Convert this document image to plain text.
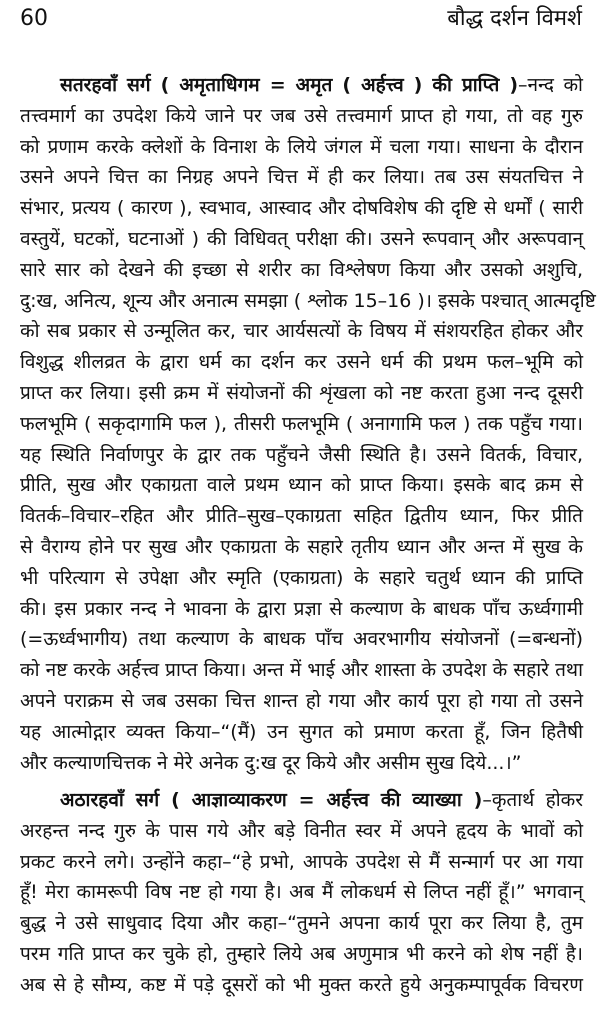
60	बौद्ध दर्शन विमर्श
सतरहवाँ सर्ग ( अमृताधिगम = अमृत ( अर्हत्त्व ) की प्राप्ति )–नन्द को
तत्त्वमार्ग का उपदेश किये जाने पर जब उसे तत्त्वमार्ग प्राप्त हो गया, तो वह गुरु
को प्रणाम करके क्लेशों के विनाश के लिये जंगल में चला गया। साधना के दौरान
उसने अपने चित्त का निग्रह अपने चित्त में ही कर लिया। तब उस संयतचित्त ने
संभार, प्रत्यय ( कारण ), स्वभाव, आस्वाद और दोषविशेष की दृष्टि से धर्मों ( सारी
वस्तुयें, घटकों, घटनाओं ) की विधिवत् परीक्षा की। उसने रूपवान् और अरूपवान्
सारे सार को देखने की इच्छा से शरीर का विश्लेषण किया और उसको अशुचि,
दु:ख, अनित्य, शून्य और अनात्म समझा ( श्लोक 15–16 )। इसके पश्चात् आत्मदृष्टि
को सब प्रकार से उन्मूलित कर, चार आर्यसत्यों के विषय में संशयरहित होकर और
विशुद्ध शीलव्रत के द्वारा धर्म का दर्शन कर उसने धर्म की प्रथम फल–भूमि को
प्राप्त कर लिया। इसी क्रम में संयोजनों की शृंखला को नष्ट करता हुआ नन्द दूसरी
फलभूमि ( सकृदागामि फल ), तीसरी फलभूमि ( अनागामि फल ) तक पहुँच गया।
यह स्थिति निर्वाणपुर के द्वार तक पहुँचने जैसी स्थिति है। उसने वितर्क, विचार,
प्रीति, सुख और एकाग्रता वाले प्रथम ध्यान को प्राप्त किया। इसके बाद क्रम से
वितर्क–विचार–रहित और प्रीति–सुख–एकाग्रता सहित द्वितीय ध्यान, फिर प्रीति
से वैराग्य होने पर सुख और एकाग्रता के सहारे तृतीय ध्यान और अन्त में सुख के
भी परित्याग से उपेक्षा और स्मृति (एकाग्रता) के सहारे चतुर्थ ध्यान की प्राप्ति
की। इस प्रकार नन्द ने भावना के द्वारा प्रज्ञा से कल्याण के बाधक पाँच ऊर्ध्वगामी
(=ऊर्ध्वभागीय) तथा कल्याण के बाधक पाँच अवरभागीय संयोजनों (=बन्धनों)
को नष्ट करके अर्हत्त्व प्राप्त किया। अन्त में भाई और शास्ता के उपदेश के सहारे तथा
अपने पराक्रम से जब उसका चित्त शान्त हो गया और कार्य पूरा हो गया तो उसने
यह आत्मोद्गार व्यक्त किया–“(मैं) उन सुगत को प्रमाण करता हूँ, जिन हितैषी
और कल्याणचित्तक ने मेरे अनेक दु:ख दूर किये और असीम सुख दिये...।”
अठारहवाँ सर्ग ( आज्ञाव्याकरण = अर्हत्त्व की व्याख्या )–कृतार्थ होकर
अरहन्त नन्द गुरु के पास गये और बड़े विनीत स्वर में अपने हृदय के भावों को
प्रकट करने लगे। उन्होंने कहा–“हे प्रभो, आपके उपदेश से मैं सन्मार्ग पर आ गया
हूँ! मेरा कामरूपी विष नष्ट हो गया है। अब मैं लोकधर्म से लिप्त नहीं हूँ।” भगवान्
बुद्ध ने उसे साधुवाद दिया और कहा–“तुमने अपना कार्य पूरा कर लिया है, तुम
परम गति प्राप्त कर चुके हो, तुम्हारे लिये अब अणुमात्र भी करने को शेष नहीं है।
अब से हे सौम्य, कष्ट में पड़े दूसरों को भी मुक्त करते हुये अनुकम्पापूर्वक विचरण
